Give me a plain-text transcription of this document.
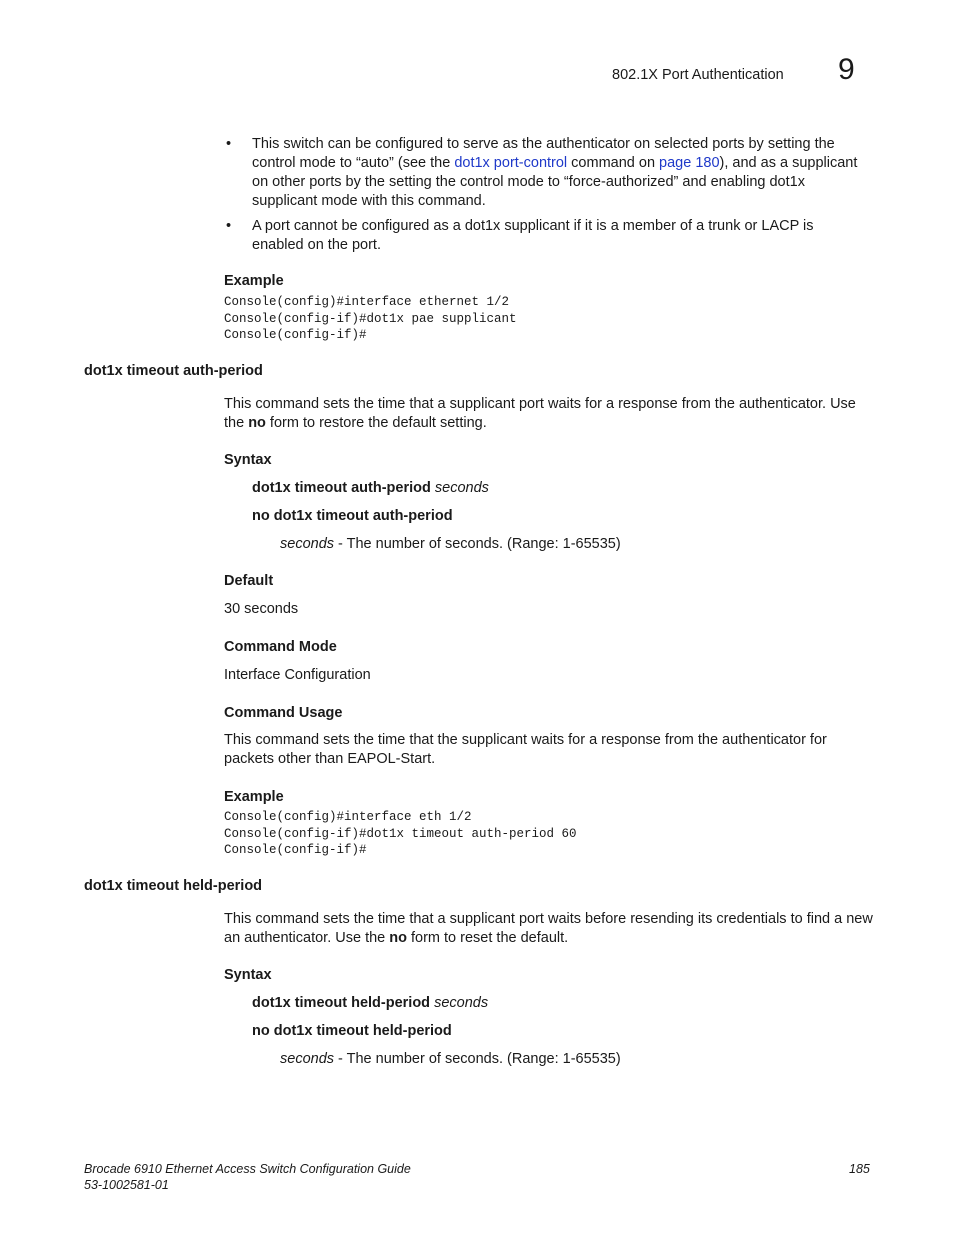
802.1X Port Authentication 9
• This switch can be configured to serve as the authenticator on selected ports by setting the control mode to “auto” (see the dot1x port-control command on page 180), and as a supplicant on other ports by the setting the control mode to “force-authorized” and enabling dot1x supplicant mode with this command.
• A port cannot be configured as a dot1x supplicant if it is a member of a trunk or LACP is enabled on the port.
Example
Console(config)#interface ethernet 1/2
Console(config-if)#dot1x pae supplicant
Console(config-if)#
dot1x timeout auth-period
This command sets the time that a supplicant port waits for a response from the authenticator. Use the no form to restore the default setting.
Syntax
dot1x timeout auth-period seconds
no dot1x timeout auth-period
seconds - The number of seconds. (Range: 1-65535)
Default
30 seconds
Command Mode
Interface Configuration
Command Usage
This command sets the time that the supplicant waits for a response from the authenticator for packets other than EAPOL-Start.
Example
Console(config)#interface eth 1/2
Console(config-if)#dot1x timeout auth-period 60
Console(config-if)#
dot1x timeout held-period
This command sets the time that a supplicant port waits before resending its credentials to find a new an authenticator. Use the no form to reset the default.
Syntax
dot1x timeout held-period seconds
no dot1x timeout held-period
seconds - The number of seconds. (Range: 1-65535)
Brocade 6910 Ethernet Access Switch Configuration Guide
53-1002581-01
185
